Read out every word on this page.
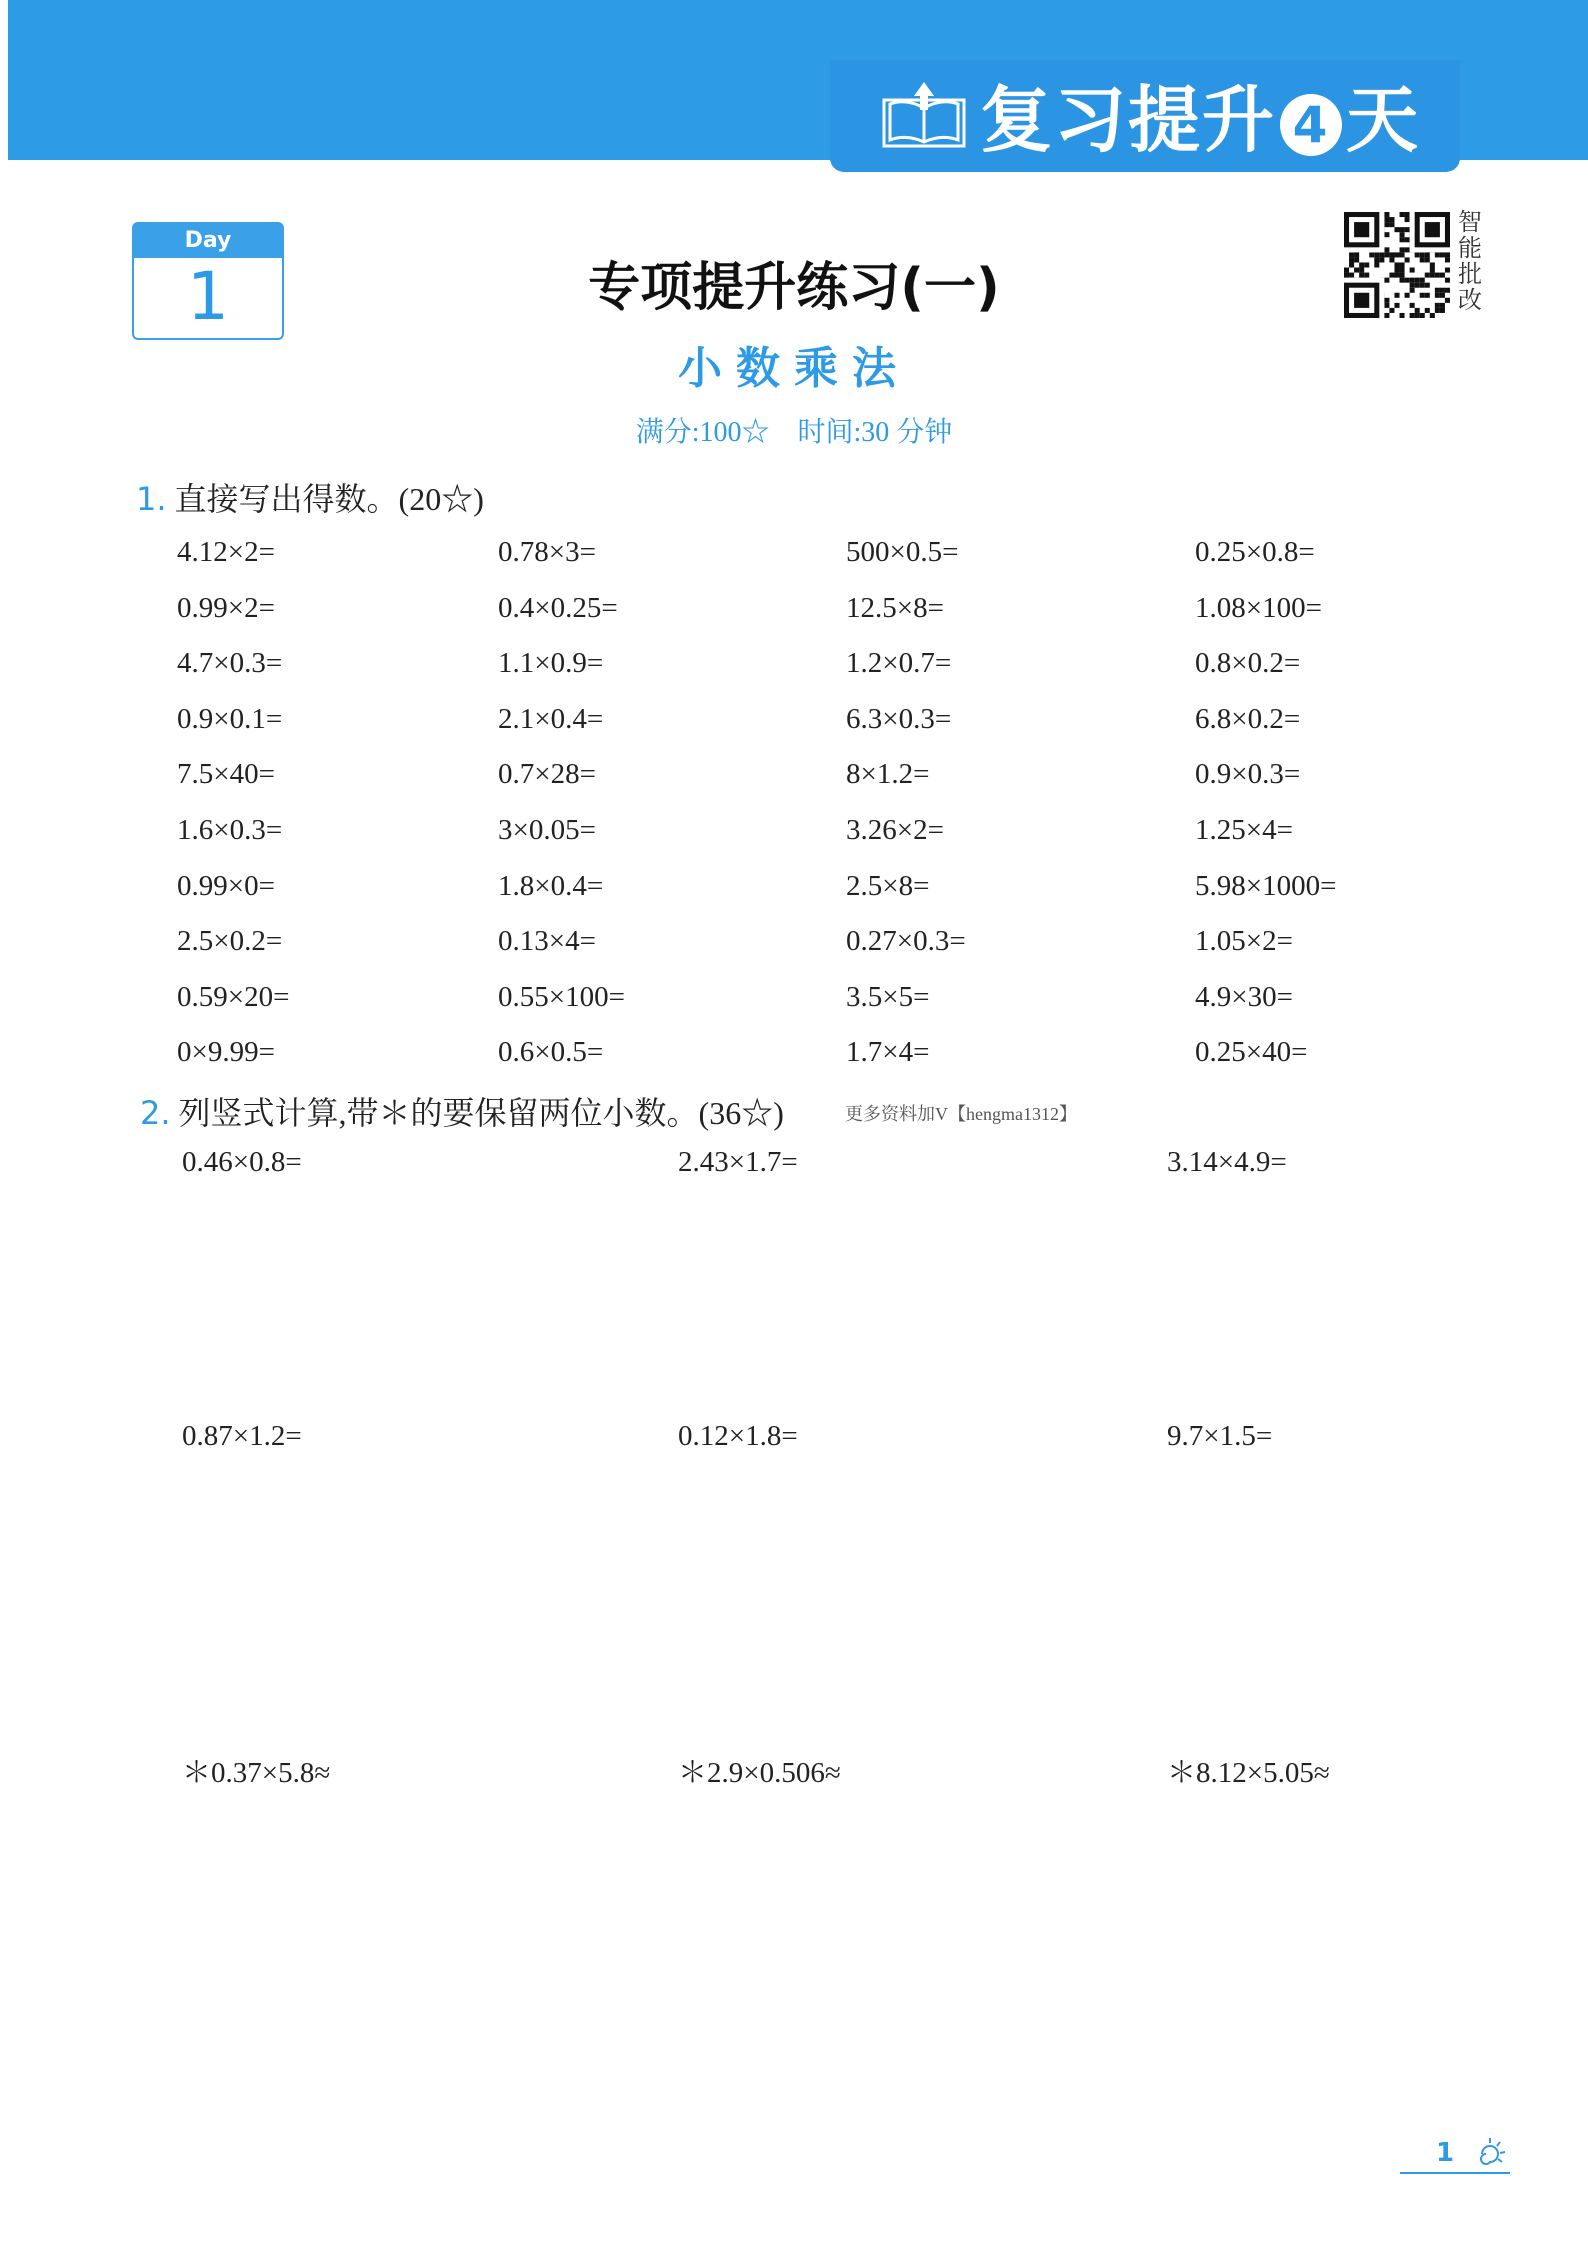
复习提升 4 天
Day
1	专项提升练习(一)
小数乘法
满分:100☆ 时间:30 分钟
智能批改
1. 直接写出得数。(20☆)
4.12×2=	0.78×3=	500×0.5=	0.25×0.8=
0.99×2=	0.4×0.25=	12.5×8=	1.08×100=
4.7×0.3=	1.1×0.9=	1.2×0.7=	0.8×0.2=
0.9×0.1=	2.1×0.4=	6.3×0.3=	6.8×0.2=
7.5×40=	0.7×28=	8×1.2=	0.9×0.3=
1.6×0.3=	3×0.05=	3.26×2=	1.25×4=
0.99×0=	1.8×0.4=	2.5×8=	5.98×1000=
2.5×0.2=	0.13×4=	0.27×0.3=	1.05×2=
0.59×20=	0.55×100=	3.5×5=	4.9×30=
0×9.99=	0.6×0.5=	1.7×4=	0.25×40=
2. 列竖式计算,带＊的要保留两位小数。(36☆)	更多资料加V【hengma1312】
0.46×0.8=	2.43×1.7=	3.14×4.9=
0.87×1.2=	0.12×1.8=	9.7×1.5=
＊0.37×5.8≈	＊2.9×0.506≈	＊8.12×5.05≈
1
